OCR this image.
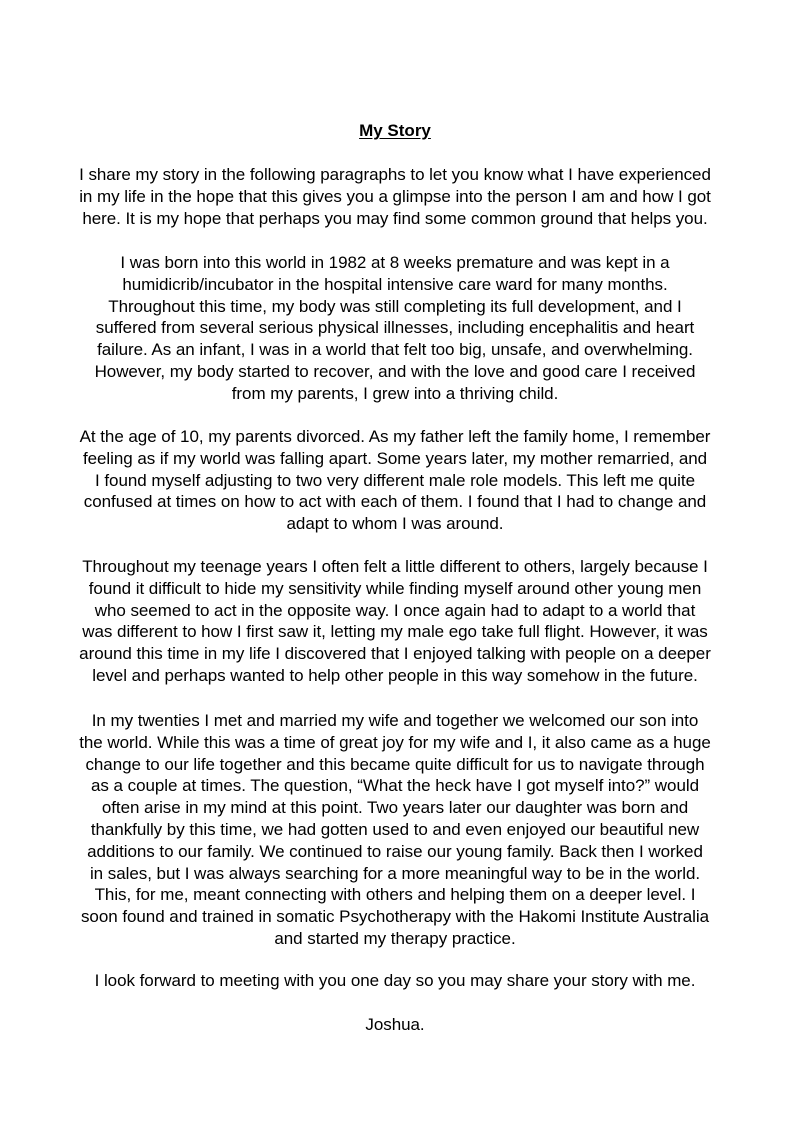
My Story
I share my story in the following paragraphs to let you know what I have experienced
in my life in the hope that this gives you a glimpse into the person I am and how I got
here. It is my hope that perhaps you may find some common ground that helps you.
I was born into this world in 1982 at 8 weeks premature and was kept in a
humidicrib/incubator in the hospital intensive care ward for many months.
Throughout this time, my body was still completing its full development, and I
suffered from several serious physical illnesses, including encephalitis and heart
failure. As an infant, I was in a world that felt too big, unsafe, and overwhelming.
However, my body started to recover, and with the love and good care I received
from my parents, I grew into a thriving child.
At the age of 10, my parents divorced. As my father left the family home, I remember
feeling as if my world was falling apart. Some years later, my mother remarried, and
I found myself adjusting to two very different male role models. This left me quite
confused at times on how to act with each of them. I found that I had to change and
adapt to whom I was around.
Throughout my teenage years I often felt a little different to others, largely because I
found it difficult to hide my sensitivity while finding myself around other young men
who seemed to act in the opposite way. I once again had to adapt to a world that
was different to how I first saw it, letting my male ego take full flight. However, it was
around this time in my life I discovered that I enjoyed talking with people on a deeper
level and perhaps wanted to help other people in this way somehow in the future.
In my twenties I met and married my wife and together we welcomed our son into
the world. While this was a time of great joy for my wife and I, it also came as a huge
change to our life together and this became quite difficult for us to navigate through
as a couple at times. The question, “What the heck have I got myself into?” would
often arise in my mind at this point. Two years later our daughter was born and
thankfully by this time, we had gotten used to and even enjoyed our beautiful new
additions to our family. We continued to raise our young family. Back then I worked
in sales, but I was always searching for a more meaningful way to be in the world.
This, for me, meant connecting with others and helping them on a deeper level. I
soon found and trained in somatic Psychotherapy with the Hakomi Institute Australia
and started my therapy practice.
I look forward to meeting with you one day so you may share your story with me.
Joshua.
